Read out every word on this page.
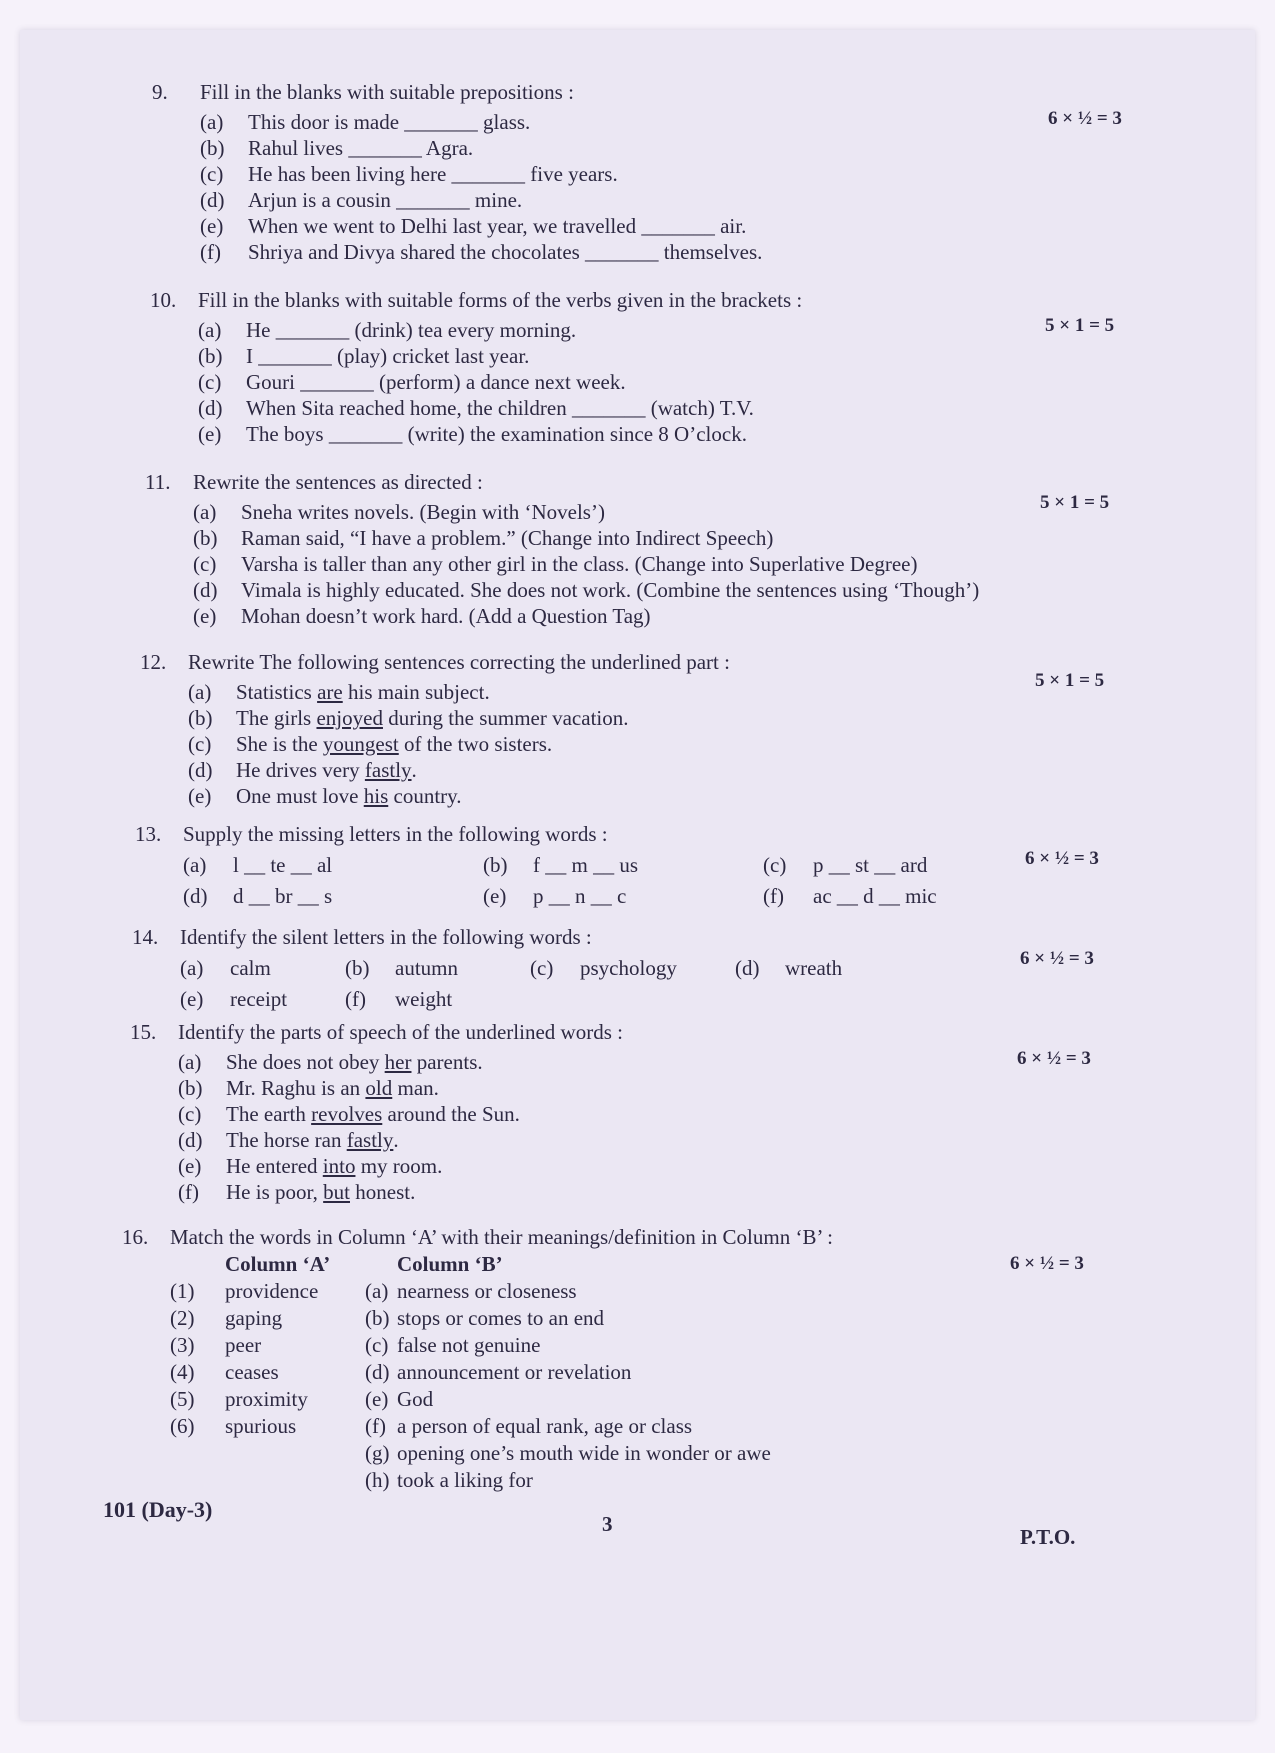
9.	Fill in the blanks with suitable prepositions :
(a)	This door is made _______ glass.
(b)	Rahul lives _______ Agra.
(c)	He has been living here _______ five years.
(d)	Arjun is a cousin _______ mine.
(e)	When we went to Delhi last year, we travelled _______ air.
(f)	Shriya and Divya shared the chocolates _______ themselves.
6 × ½ = 3
10.	Fill in the blanks with suitable forms of the verbs given in the brackets :
(a)	He _______ (drink) tea every morning.
(b)	I _______ (play) cricket last year.
(c)	Gouri _______ (perform) a dance next week.
(d)	When Sita reached home, the children _______ (watch) T.V.
(e)	The boys _______ (write) the examination since 8 O’clock.
5 × 1 = 5
11.	Rewrite the sentences as directed :
(a)	Sneha writes novels. (Begin with ‘Novels’)
(b)	Raman said, “I have a problem.” (Change into Indirect Speech)
(c)	Varsha is taller than any other girl in the class. (Change into Superlative Degree)
(d)	Vimala is highly educated. She does not work. (Combine the sentences using ‘Though’)
(e)	Mohan doesn’t work hard. (Add a Question Tag)
5 × 1 = 5
12.	Rewrite The following sentences correcting the underlined part :
(a)	Statistics are his main subject.
(b)	The girls enjoyed during the summer vacation.
(c)	She is the youngest of the two sisters.
(d)	He drives very fastly .
(e)	One must love his country.
5 × 1 = 5
13.	Supply the missing letters in the following words :
(a)	l __ te __ al	(b)	f __ m __ us	(c)	p __ st __ ard
(d)	d __ br __ s	(e)	p __ n __ c	(f)	ac __ d __ mic
6 × ½ = 3
14.	Identify the silent letters in the following words :
(a)	calm	(b)	autumn	(c)	psychology	(d)	wreath
(e)	receipt	(f)	weight
6 × ½ = 3
15.	Identify the parts of speech of the underlined words :
(a)	She does not obey her parents.
(b)	Mr. Raghu is an old man.
(c)	The earth revolves around the Sun.
(d)	The horse ran fastly .
(e)	He entered into my room.
(f)	He is poor, but honest.
6 × ½ = 3
16.	Match the words in Column ‘A’ with their meanings/definition in Column ‘B’ :
Column ‘A’	Column ‘B’
(1)	providence	(a) nearness or closeness
(2)	gaping	(b) stops or comes to an end
(3)	peer	(c) false not genuine
(4)	ceases	(d) announcement or revelation
(5)	proximity	(e) God
(6)	spurious	(f) a person of equal rank, age or class
(g) opening one’s mouth wide in wonder or awe
(h) took a liking for
6 × ½ = 3
101 (Day-3)
3
P.T.O.
